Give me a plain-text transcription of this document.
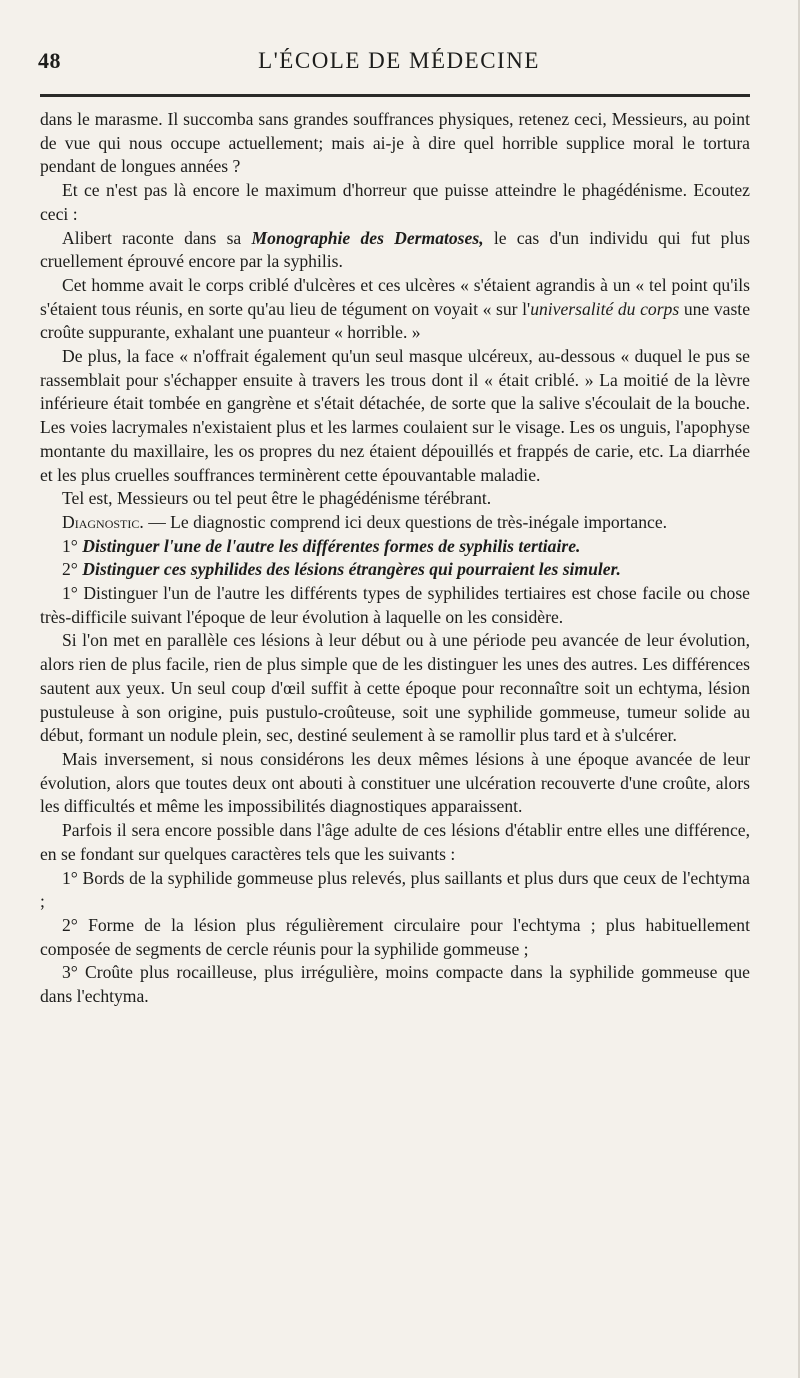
48	L'ÉCOLE DE MÉDECINE

dans le marasme. Il succomba sans grandes souffrances physiques, retenez ceci, Messieurs, au point de vue qui nous occupe actuellement; mais ai-je à dire quel horrible supplice moral le tortura pendant de longues années ?

Et ce n'est pas là encore le maximum d'horreur que puisse atteindre le phagédénisme. Ecoutez ceci :

Alibert raconte dans sa Monographie des Dermatoses, le cas d'un individu qui fut plus cruellement éprouvé encore par la syphilis.

Cet homme avait le corps criblé d'ulcères et ces ulcères « s'étaient agrandis à un « tel point qu'ils s'étaient tous réunis, en sorte qu'au lieu de tégument on voyait « sur l'universalité du corps une vaste croûte suppurante, exhalant une puanteur « horrible. »

De plus, la face « n'offrait également qu'un seul masque ulcéreux, au-dessous « duquel le pus se rassemblait pour s'échapper ensuite à travers les trous dont il « était criblé. » La moitié de la lèvre inférieure était tombée en gangrène et s'était détachée, de sorte que la salive s'écoulait de la bouche. Les voies lacrymales n'existaient plus et les larmes coulaient sur le visage. Les os unguis, l'apophyse montante du maxillaire, les os propres du nez étaient dépouillés et frappés de carie, etc. La diarrhée et les plus cruelles souffrances terminèrent cette épouvantable maladie.

Tel est, Messieurs ou tel peut être le phagédénisme térébrant.

Diagnostic. — Le diagnostic comprend ici deux questions de très-inégale importance.

1° Distinguer l'une de l'autre les différentes formes de syphilis tertiaire.

2° Distinguer ces syphilides des lésions étrangères qui pourraient les simuler.

1° Distinguer l'un de l'autre les différents types de syphilides tertiaires est chose facile ou chose très-difficile suivant l'époque de leur évolution à laquelle on les considère.

Si l'on met en parallèle ces lésions à leur début ou à une période peu avancée de leur évolution, alors rien de plus facile, rien de plus simple que de les distinguer les unes des autres. Les différences sautent aux yeux. Un seul coup d'œil suffit à cette époque pour reconnaître soit un echtyma, lésion pustuleuse à son origine, puis pustulo-croûteuse, soit une syphilide gommeuse, tumeur solide au début, formant un nodule plein, sec, destiné seulement à se ramollir plus tard et à s'ulcérer.

Mais inversement, si nous considérons les deux mêmes lésions à une époque avancée de leur évolution, alors que toutes deux ont abouti à constituer une ulcération recouverte d'une croûte, alors les difficultés et même les impossibilités diagnostiques apparaissent.

Parfois il sera encore possible dans l'âge adulte de ces lésions d'établir entre elles une différence, en se fondant sur quelques caractères tels que les suivants :

1° Bords de la syphilide gommeuse plus relevés, plus saillants et plus durs que ceux de l'echtyma ;

2° Forme de la lésion plus régulièrement circulaire pour l'echtyma ; plus habituellement composée de segments de cercle réunis pour la syphilide gommeuse ;

3° Croûte plus rocailleuse, plus irrégulière, moins compacte dans la syphilide gommeuse que dans l'echtyma.
